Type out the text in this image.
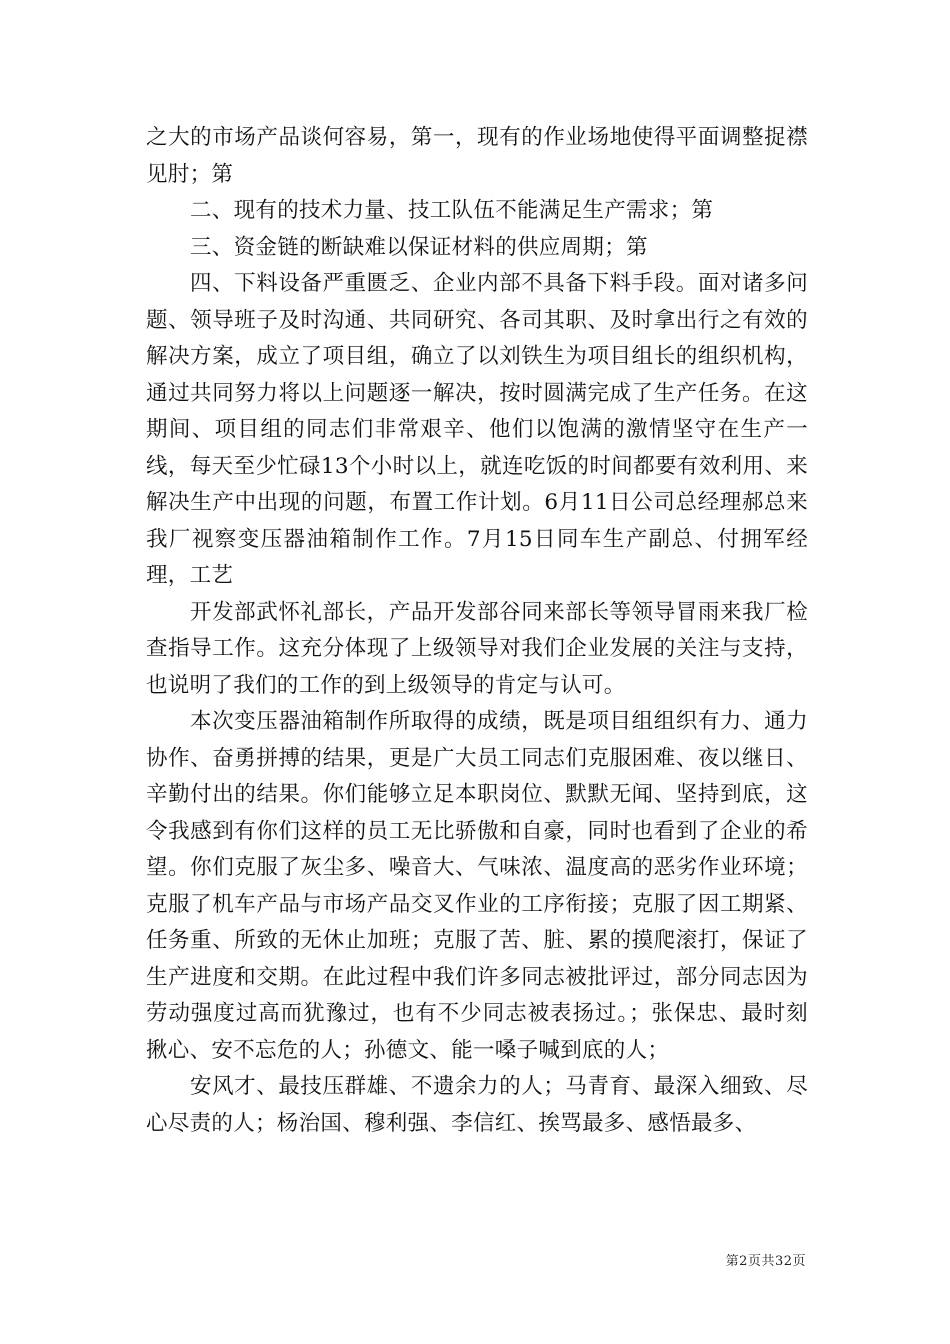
之大的市场产品谈何容易，第一，现有的作业场地使得平面调整捉襟见肘；第

二、现有的技术力量、技工队伍不能满足生产需求；第

三、资金链的断缺难以保证材料的供应周期；第

四、下料设备严重匮乏、企业内部不具备下料手段。面对诸多问题、领导班子及时沟通、共同研究、各司其职、及时拿出行之有效的解决方案，成立了项目组，确立了以刘铁生为项目组长的组织机构，通过共同努力将以上问题逐一解决，按时圆满完成了生产任务。在这期间、项目组的同志们非常艰辛、他们以饱满的激情坚守在生产一线，每天至少忙碌13个小时以上，就连吃饭的时间都要有效利用、来解决生产中出现的问题，布置工作计划。6月11日公司总经理郝总来我厂视察变压器油箱制作工作。7月15日同车生产副总、付拥军经理，工艺

开发部武怀礼部长，产品开发部谷同来部长等领导冒雨来我厂检查指导工作。这充分体现了上级领导对我们企业发展的关注与支持，也说明了我们的工作的到上级领导的肯定与认可。

本次变压器油箱制作所取得的成绩，既是项目组组织有力、通力协作、奋勇拼搏的结果，更是广大员工同志们克服困难、夜以继日、辛勤付出的结果。你们能够立足本职岗位、默默无闻、坚持到底，这令我感到有你们这样的员工无比骄傲和自豪，同时也看到了企业的希望。你们克服了灰尘多、噪音大、气味浓、温度高的恶劣作业环境；克服了机车产品与市场产品交叉作业的工序衔接；克服了因工期紧、任务重、所致的无休止加班；克服了苦、脏、累的摸爬滚打，保证了生产进度和交期。在此过程中我们许多同志被批评过，部分同志因为劳动强度过高而犹豫过，也有不少同志被表扬过。；张保忠、最时刻揪心、安不忘危的人；孙德文、能一嗓子喊到底的人；

安风才、最技压群雄、不遗余力的人；马青育、最深入细致、尽心尽责的人；杨治国、穆利强、李信红、挨骂最多、感悟最多、

第2页共32页
